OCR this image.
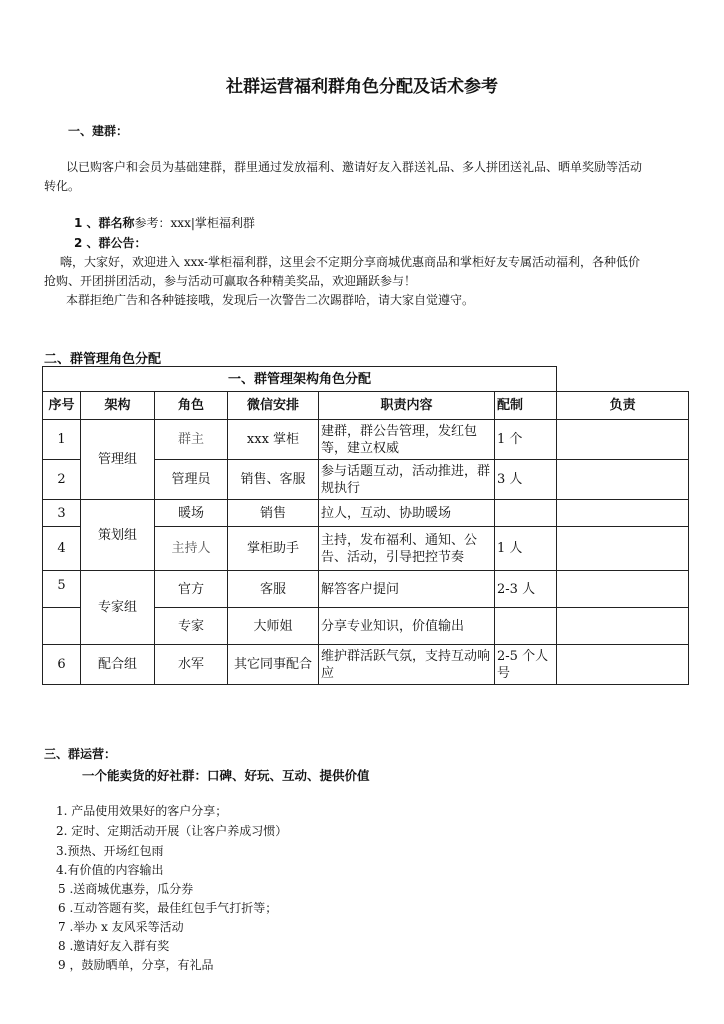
社群运营福利群角色分配及话术参考
一、建群：
以已购客户和会员为基础建群，群里通过发放福利、邀请好友入群送礼品、多人拼团送礼品、晒单奖励等活动
转化。
1 、群名称参考：xxx|掌柜福利群
2 、群公告：
嗨，大家好，欢迎进入 xxx-掌柜福利群，这里会不定期分享商城优惠商品和掌柜好友专属活动福利，各种低价
抢购、开团拼团活动，参与活动可赢取各种精美奖品，欢迎踊跃参与！
本群拒绝广告和各种链接哦，发现后一次警告二次踢群哈，请大家自觉遵守。
二、群管理角色分配
一、群管理架构角色分配						
序号	架构	角色	微信安排	职责内容	配制	负责
1	管理组	群主	xxx 掌柜	建群，群公告管理，发红包等，建立权威	1 个	
2		管理员	销售、客服	参与话题互动，活动推进，群规执行	3 人	
3	策划组	暖场	销售	拉人，互动、协助暖场		
4		主持人	掌柜助手	主持，发布福利、通知、公告、活动，引导把控节奏	1 人	
5	专家组	官方	客服	解答客户提问	2-3 人	
		专家	大师姐	分享专业知识，价值输出		
6	配合组	水军	其它同事配合	维护群活跃气氛，支持互动响应	2-5 个人号	
三、群运营：
一个能卖货的好社群：口碑、好玩、互动、提供价值
1. 产品使用效果好的客户分享；
2. 定时、定期活动开展（让客户养成习惯）
3.预热、开场红包雨
4.有价值的内容输出
5 .送商城优惠券，瓜分券
6 .互动答题有奖，最佳红包手气打折等；
7 .举办 x 友风采等活动
8 .邀请好友入群有奖
9 ，鼓励晒单，分享，有礼品
